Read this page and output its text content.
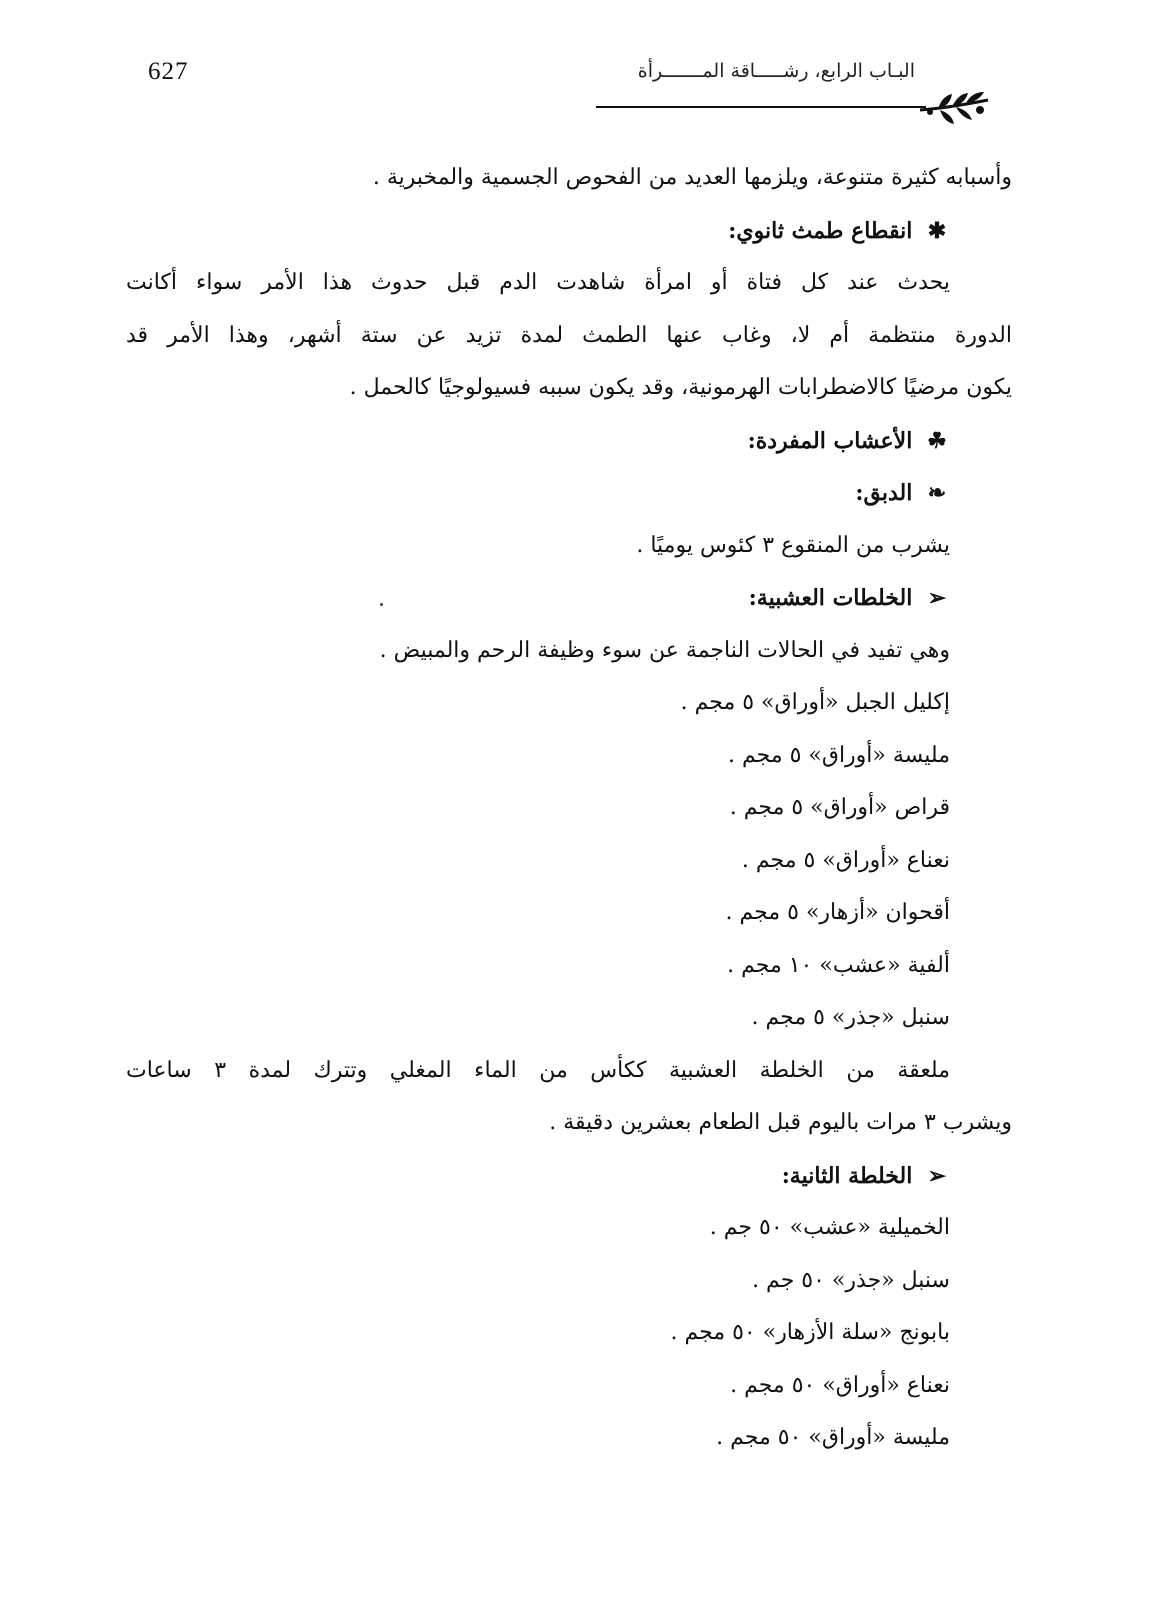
627	البـاب الرابع، رشـــــاقة المـــــــرأة
وأسبابه كثيرة متنوعة، ويلزمها العديد من الفحوص الجسمية والمخبرية .
✱ انقطاع طمث ثانوي:
يحدث عند كل فتاة أو امرأة شاهدت الدم قبل حدوث هذا الأمر سواء أكانت
الدورة منتظمة أم لا، وغاب عنها الطمث لمدة تزيد عن ستة أشهر، وهذا الأمر قد
يكون مرضيًا كالاضطرابات الهرمونية، وقد يكون سببه فسيولوجيًا كالحمل .
☘ الأعشاب المفردة:
❧ الدبق:
يشرب من المنقوع ٣ كئوس يوميًا .
➢ الخلطات العشبية:
وهي تفيد في الحالات الناجمة عن سوء وظيفة الرحم والمبيض .
إكليل الجبل «أوراق» ٥ مجم .
مليسة «أوراق» ٥ مجم .
قراص «أوراق» ٥ مجم .
نعناع «أوراق» ٥ مجم .
أقحوان «أزهار» ٥ مجم .
ألفية «عشب» ١٠ مجم .
سنبل «جذر» ٥ مجم .
ملعقة من الخلطة العشبية ككأس من الماء المغلي وتترك لمدة ٣ ساعات
ويشرب ٣ مرات باليوم قبل الطعام بعشرين دقيقة .
➢ الخلطة الثانية:
الخميلية «عشب» ٥٠ جم .
سنبل «جذر» ٥٠ جم .
بابونج «سلة الأزهار» ٥٠ مجم .
نعناع «أوراق» ٥٠ مجم .
مليسة «أوراق» ٥٠ مجم .
